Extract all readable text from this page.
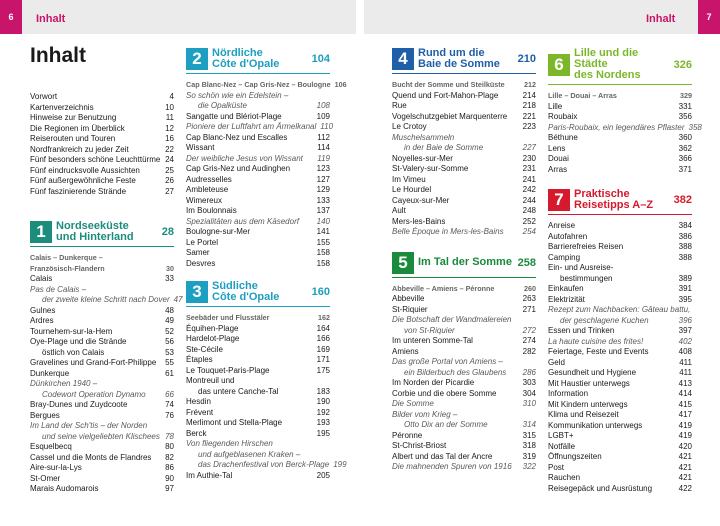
6	Inhalt	7
Inhalt
Inhalt
Vorwort	4
Kartenverzeichnis	10
Hinweise zur Benutzung	11
Die Regionen im Überblick	12
Reiserouten und Touren	16
Nordfrankreich zu jeder Zeit	22
Fünf besonders schöne Leuchttürme 24
Fünf eindrucksvolle Aussichten	25
Fünf außergewöhnliche Feste	26
Fünf faszinierende Strände	27
1 Nordseeküste
und Hinterland	28
Calais – Dunkerque –
Französisch-Flandern	30
Calais	33
Pas de Calais –
der zweite kleine Schritt nach Dover 47
Gulnes	48
Ardres	49
Tournehem-sur-la-Hem	52
Oye-Plage und die Strände	56
östlich von Calais	53
Gravelines und Grand-Fort-Philippe	55
Dunkerque	61
Dünkirchen 1940 –
Codewort Operation Dynamo	66
Bray-Dunes und Zuydcoote	74
Bergues	76
Im Land der Sch'tis – der Norden
und seine vielgeliebten Klischees 78
Esquelbecq	80
Cassel und die Monts de Flandres	82
Aire-sur-la-Lys	86
St-Omer	90
Marais Audomarois	97
2 Nördliche
Côte d'Opale	104
Cap Blanc-Nez – Cap Gris-Nez – Boulogne 106
So schön wie ein Edelstein –
die Opalküste	108
Sangatte und Blériot-Plage	109
Pioniere der Luftfahrt am Ärmelkanal 110
Cap Blanc-Nez und Escalles	112
Wissant	114
Der weibliche Jesus von Wissant	119
Cap Gris-Nez und Audinghen	123
Audresselles	127
Ambleteuse	129
Wimereux	133
Im Boulonnais	137
Spezialitäten aus dem Käsedorf	140
Boulogne-sur-Mer	141
Le Portel	155
Samer	158
Desvres	158
3 Südliche
Côte d'Opale	160
Seebäder und Flusstäler	162
Équihen-Plage	164
Hardelot-Plage	166
Ste-Cécile	169
Étaples	171
Le Touquet-Paris-Plage	175
Montreuil und
das untere Canche-Tal	183
Hesdin	190
Frévent	192
Merlimont und Stella-Plage	193
Berck	195
Von fliegenden Hirschen
und aufgeblasenen Kraken –
das Drachenfestival von Berck-Plage 199
Im Authie-Tal	205
4 Rund um die
Baie de Somme	210
Bucht der Somme und Steilküste	212
Quend und Fort-Mahon-Plage	214
Rue	218
Vogelschutzgebiet Marquenterre	221
Le Crotoy	223
Muschelsammeln
in der Baie de Somme	227
Noyelles-sur-Mer	230
St-Valery-sur-Somme	231
Im Vimeu	241
Le Hourdel	242
Cayeux-sur-Mer	244
Ault	248
Mers-les-Bains	252
Belle Époque in Mers-les-Bains	254
5 Im Tal der Somme 258
Abbeville – Amiens – Péronne	260
Abbeville	263
St-Riquier	271
Die Botschaft der Wandmalereien
von St-Riquier	272
Im unteren Somme-Tal	274
Amiens	282
Das große Portal von Amiens –
ein Bilderbuch des Glaubens	286
Im Norden der Picardie	303
Corbie und die obere Somme	304
Die Somme	310
Bilder vom Krieg –
Otto Dix an der Somme	314
Péronne	315
St-Christ-Briost	318
Albert und das Tal der Ancre	319
Die mahnenden Spuren von 1916	322
6
Lille und die Städte
des Nordens
326
Lille – Douai – Arras	329
Lille	331
Roubaix	356
Paris-Roubaix, ein legendäres Pflaster 358
Béthune	360
Lens	362
Douai	366
Arras	371
7 Praktische
Reisetipps A–Z	382
Anreise	384
Autofahren	386
Barrierefreies Reisen	388
Camping	388
Ein- und Ausreise-
bestimmungen	389
Einkaufen	391
Elektrizität	395
Rezept zum Nachbacken: Gâteau battu,
der geschlagene Kuchen	396
Essen und Trinken	397
La haute cuisine des frites!	402
Feiertage, Feste und Events	408
Geld	411
Gesundheit und Hygiene	411
Mit Haustier unterwegs	413
Information	414
Mit Kindern unterwegs	415
Klima und Reisezeit	417
Kommunikation unterwegs	419
LGBT+	419
Notfälle	420
Öffnungszeiten	421
Post	421
Rauchen	421
Reisegepäck und Ausrüstung	422
